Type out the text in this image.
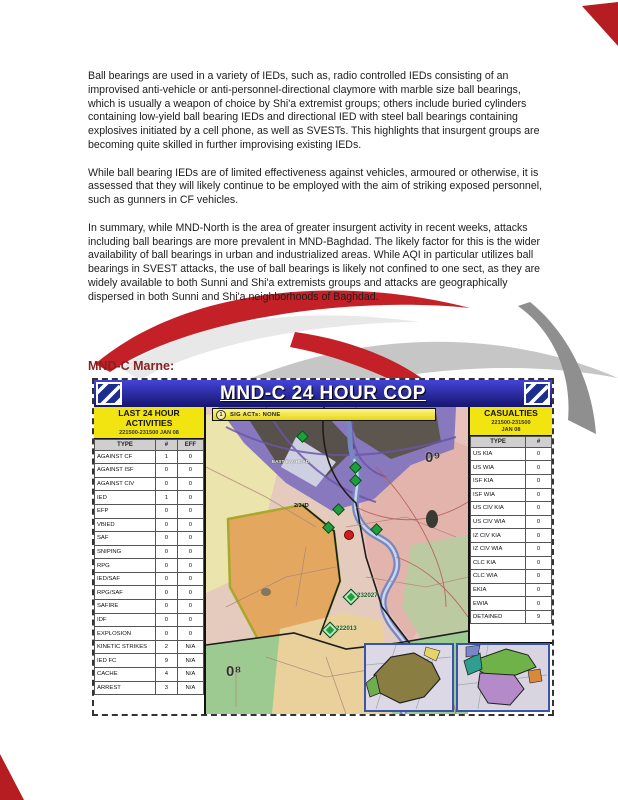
Ball bearings are used in a variety of IEDs, such as, radio controlled IEDs consisting of an improvised anti-vehicle or anti-personnel-directional claymore with marble size ball bearings, which is usually a weapon of choice by Shi'a extremist groups; others include buried cylinders containing low-yield ball bearing IEDs and directional IED with steel ball bearings containing explosives initiated by a cell phone, as well as SVESTs. This highlights that insurgent groups are becoming quite skilled in further improvising existing IEDs.

While ball bearing IEDs are of limited effectiveness against vehicles, armoured or otherwise, it is assessed that they will likely continue to be employed with the aim of striking exposed personnel, such as gunners in CF vehicles.

In summary, while MND-North is the area of greater insurgent activity in recent weeks, attacks including ball bearings are more prevalent in MND-Baghdad. The likely factor for this is the wider availability of ball bearings in urban and industrialized areas. While AQI in particular utilizes ball bearings in SVEST attacks, the use of ball bearings is likely not confined to one sect, as they are widely available to both Sunni and Shi'a extremists groups and attacks are geographically dispersed in both Sunni and Shi'a neighborhoods of Baghdad.

MND-C Marne:
MND-C 24 HOUR COP
0⁹
0⁸
2/3 ID
EAST BAGHDAD
232027
222013
1	SIG ACTs: NONE
LAST 24 HOUR
ACTIVITIES
221500-231500 JAN 08
TYPE	#	EFF
AGAINST CF	1	0
AGAINST ISF	0	0
AGAINST CIV	0	0
IED	1	0
EFP	0	0
VBIED	0	0
SAF	0	0
SNIPING	0	0
RPG	0	0
IED/SAF	0	0
RPG/SAF	0	0
SAFIRE	0	0
IDF	0	0
EXPLOSION	0	0
KINETIC STRIKES	2	N/A
IED FC	9	N/A
CACHE	4	N/A
ARREST	3	N/A
CASUALTIES
221500-231500
JAN 08
TYPE	#
US KIA	0
US WIA	0
ISF KIA	0
ISF WIA	0
US CIV KIA	0
US CIV WIA	0
IZ CIV KIA	0
IZ CIV WIA	0
CLC KIA	0
CLC WIA	0
EKIA	0
EWIA	0
DETAINED	9
